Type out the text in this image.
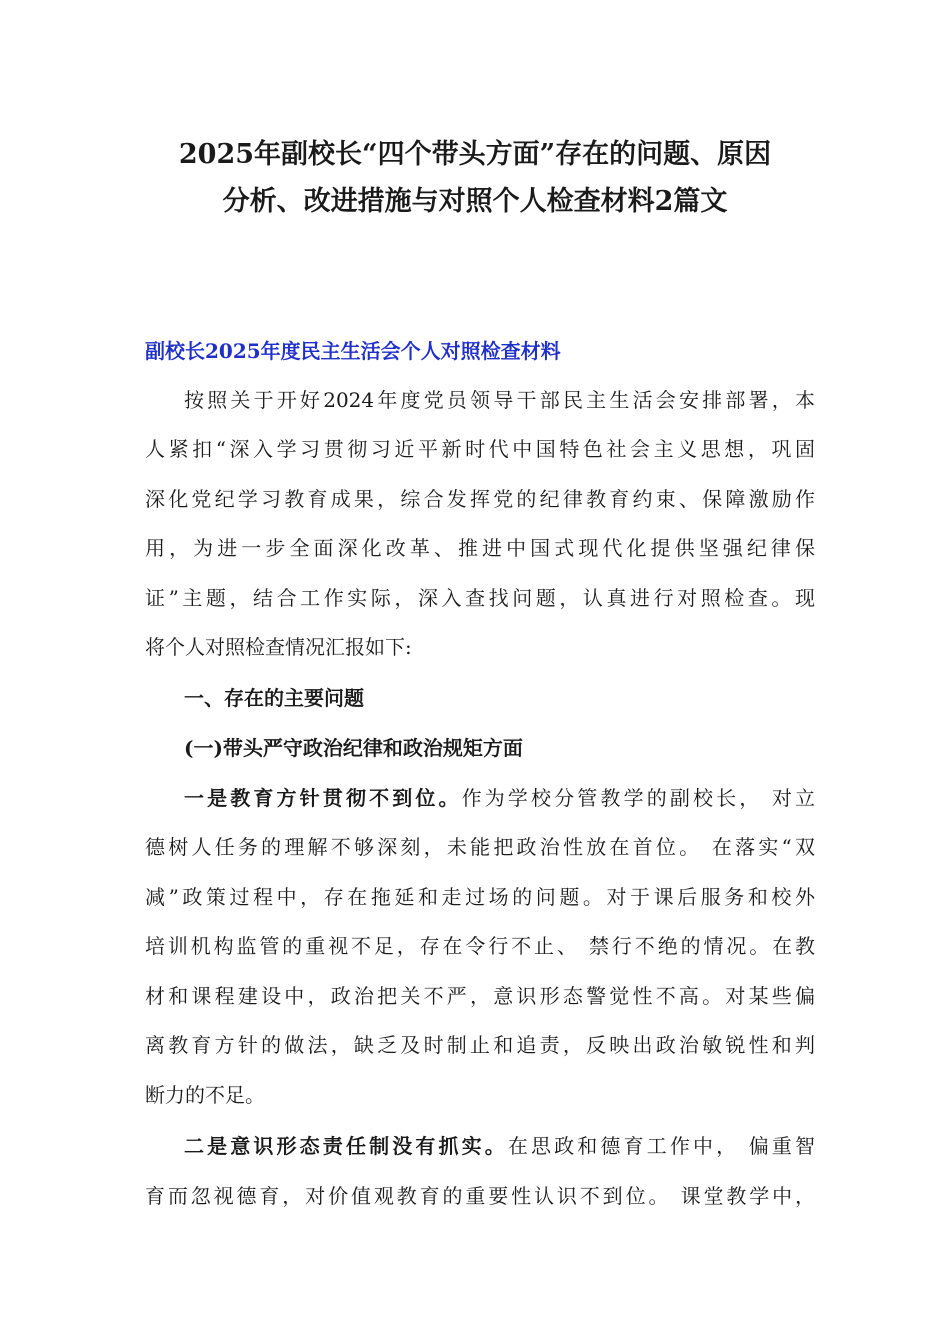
2025年副校长“四个带头方面”存在的问题、原因
分析、改进措施与对照个人检查材料2篇文
副校长2025年度民主生活会个人对照检查材料

按照关于开好2024年度党员领导干部民主生活会安排部署，本

人紧扣“深入学习贯彻习近平新时代中国特色社会主义思想，巩固

深化党纪学习教育成果，综合发挥党的纪律教育约束、保障激励作

用，为进一步全面深化改革、推进中国式现代化提供坚强纪律保

证”主题，结合工作实际，深入查找问题，认真进行对照检查。现

将个人对照检查情况汇报如下:

一、存在的主要问题

(一)带头严守政治纪律和政治规矩方面

一是教育方针贯彻不到位。作为学校分管教学的副校长， 对立

德树人任务的理解不够深刻，未能把政治性放在首位。 在落实“双

减”政策过程中，存在拖延和走过场的问题。对于课后服务和校外

培训机构监管的重视不足，存在令行不止、 禁行不绝的情况。在教

材和课程建设中，政治把关不严，意识形态警觉性不高。对某些偏

离教育方针的做法，缺乏及时制止和追责，反映出政治敏锐性和判

断力的不足。

二是意识形态责任制没有抓实。在思政和德育工作中， 偏重智

育而忽视德育，对价值观教育的重要性认识不到位。 课堂教学中，
